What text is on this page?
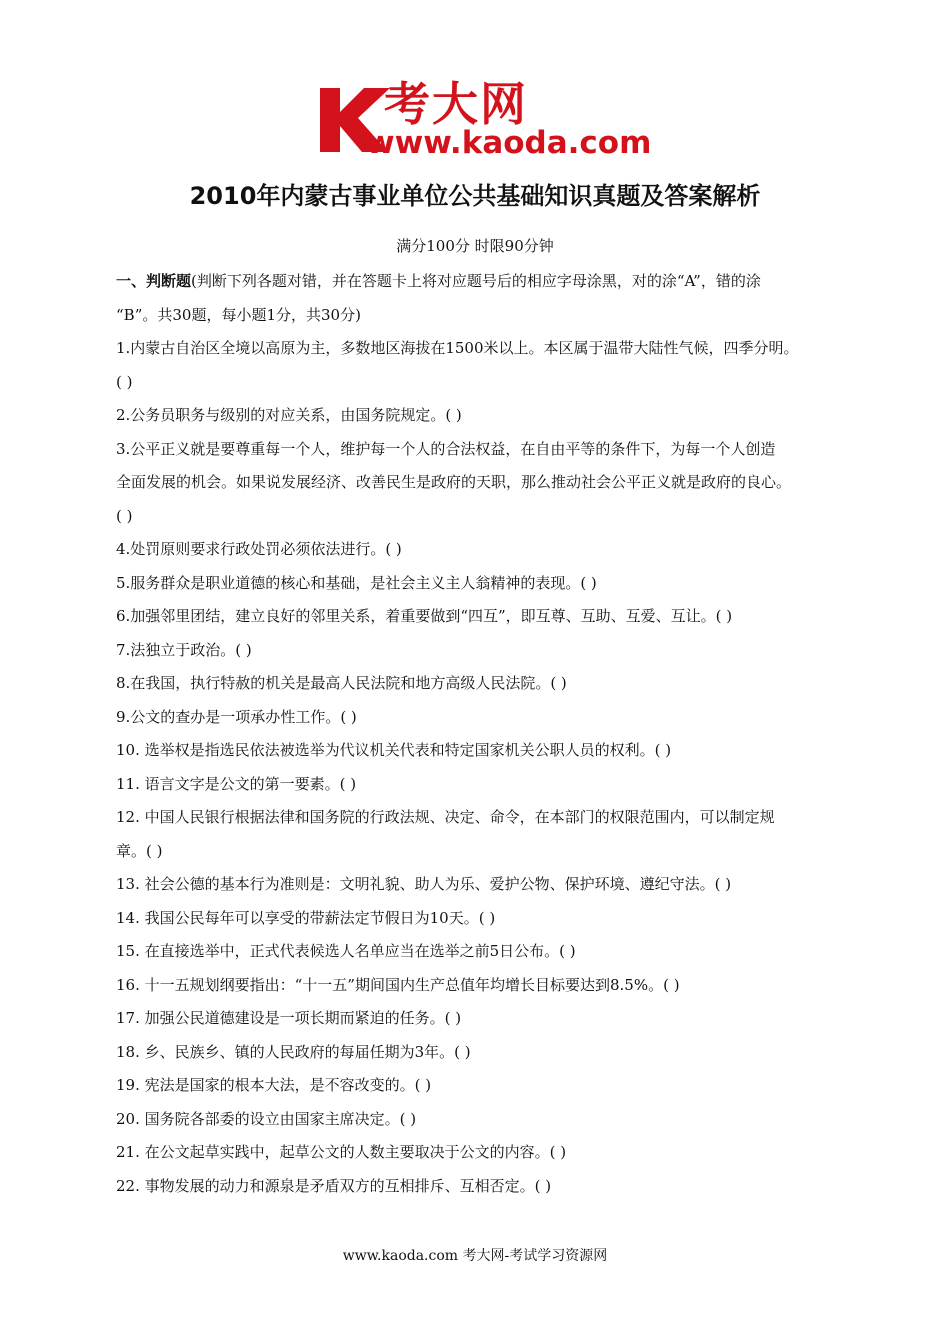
考大网
www.kaoda.com
2010年内蒙古事业单位公共基础知识真题及答案解析
满分100分 时限90分钟

一、判断题(判断下列各题对错，并在答题卡上将对应题号后的相应字母涂黑，对的涂“A”，错的涂

“B”。共30题，每小题1分，共30分)

1.内蒙古自治区全境以高原为主，多数地区海拔在1500米以上。本区属于温带大陆性气候，四季分明。

( )

2.公务员职务与级别的对应关系，由国务院规定。( )

3.公平正义就是要尊重每一个人，维护每一个人的合法权益，在自由平等的条件下，为每一个人创造

全面发展的机会。如果说发展经济、改善民生是政府的天职，那么推动社会公平正义就是政府的良心。

( )

4.处罚原则要求行政处罚必须依法进行。( )

5.服务群众是职业道德的核心和基础，是社会主义主人翁精神的表现。( )

6.加强邻里团结，建立良好的邻里关系，着重要做到“四互”，即互尊、互助、互爱、互让。( )

7.法独立于政治。( )

8.在我国，执行特赦的机关是最高人民法院和地方高级人民法院。( )

9.公文的查办是一项承办性工作。( )

10. 选举权是指选民依法被选举为代议机关代表和特定国家机关公职人员的权利。( )

11. 语言文字是公文的第一要素。( )

12. 中国人民银行根据法律和国务院的行政法规、决定、命令，在本部门的权限范围内，可以制定规

章。( )

13. 社会公德的基本行为准则是：文明礼貌、助人为乐、爱护公物、保护环境、遵纪守法。( )

14. 我国公民每年可以享受的带薪法定节假日为10天。( )

15. 在直接选举中，正式代表候选人名单应当在选举之前5日公布。( )

16. 十一五规划纲要指出：“十一五”期间国内生产总值年均增长目标要达到8.5%。( )

17. 加强公民道德建设是一项长期而紧迫的任务。( )

18. 乡、民族乡、镇的人民政府的每届任期为3年。( )

19. 宪法是国家的根本大法，是不容改变的。( )

20. 国务院各部委的设立由国家主席决定。( )

21. 在公文起草实践中，起草公文的人数主要取决于公文的内容。( )

22. 事物发展的动力和源泉是矛盾双方的互相排斥、互相否定。( )

www.kaoda.com 考大网-考试学习资源网
